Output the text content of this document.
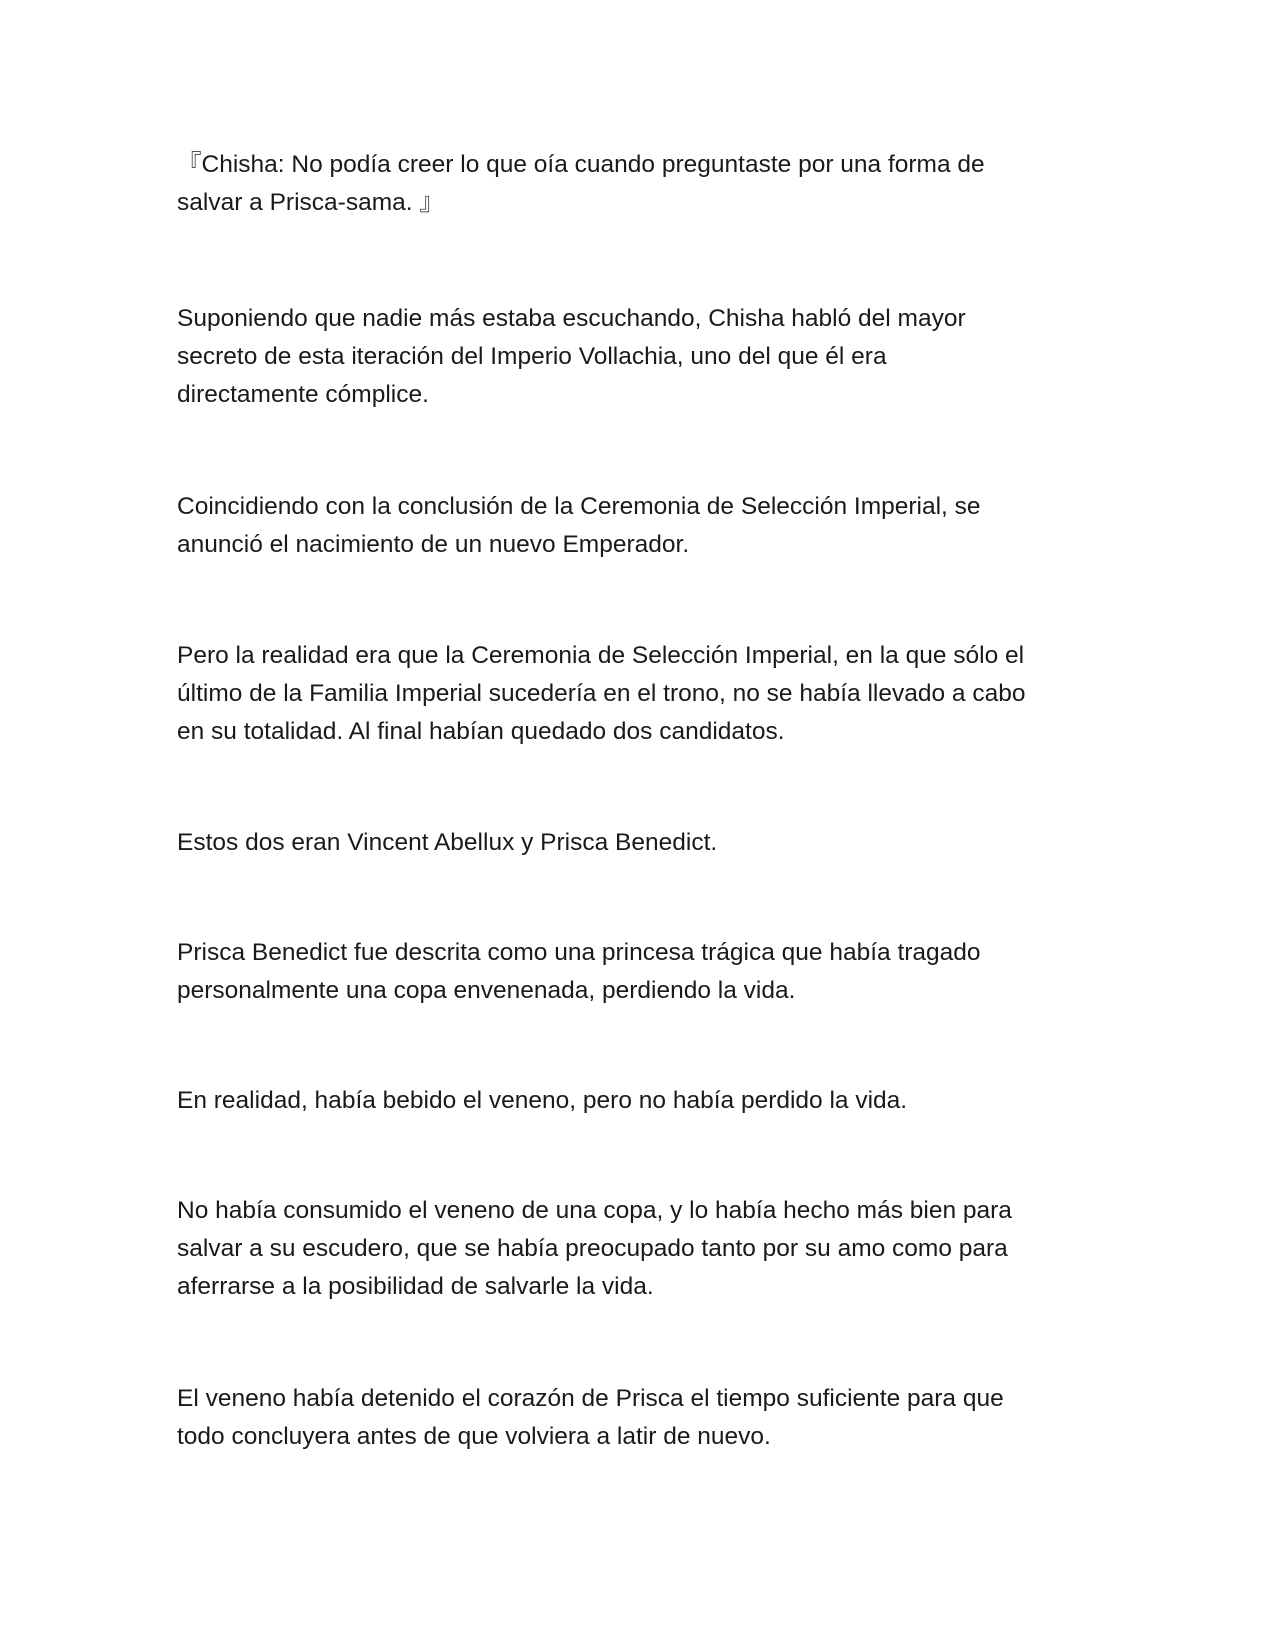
『Chisha: No podía creer lo que oía cuando preguntaste por una forma de
salvar a Prisca-sama. 』

Suponiendo que nadie más estaba escuchando, Chisha habló del mayor
secreto de esta iteración del Imperio Vollachia, uno del que él era
directamente cómplice.

Coincidiendo con la conclusión de la Ceremonia de Selección Imperial, se
anunció el nacimiento de un nuevo Emperador.

Pero la realidad era que la Ceremonia de Selección Imperial, en la que sólo el
último de la Familia Imperial sucedería en el trono, no se había llevado a cabo
en su totalidad. Al final habían quedado dos candidatos.

Estos dos eran Vincent Abellux y Prisca Benedict.

Prisca Benedict fue descrita como una princesa trágica que había tragado
personalmente una copa envenenada, perdiendo la vida.

En realidad, había bebido el veneno, pero no había perdido la vida.

No había consumido el veneno de una copa, y lo había hecho más bien para
salvar a su escudero, que se había preocupado tanto por su amo como para
aferrarse a la posibilidad de salvarle la vida.

El veneno había detenido el corazón de Prisca el tiempo suficiente para que
todo concluyera antes de que volviera a latir de nuevo.
